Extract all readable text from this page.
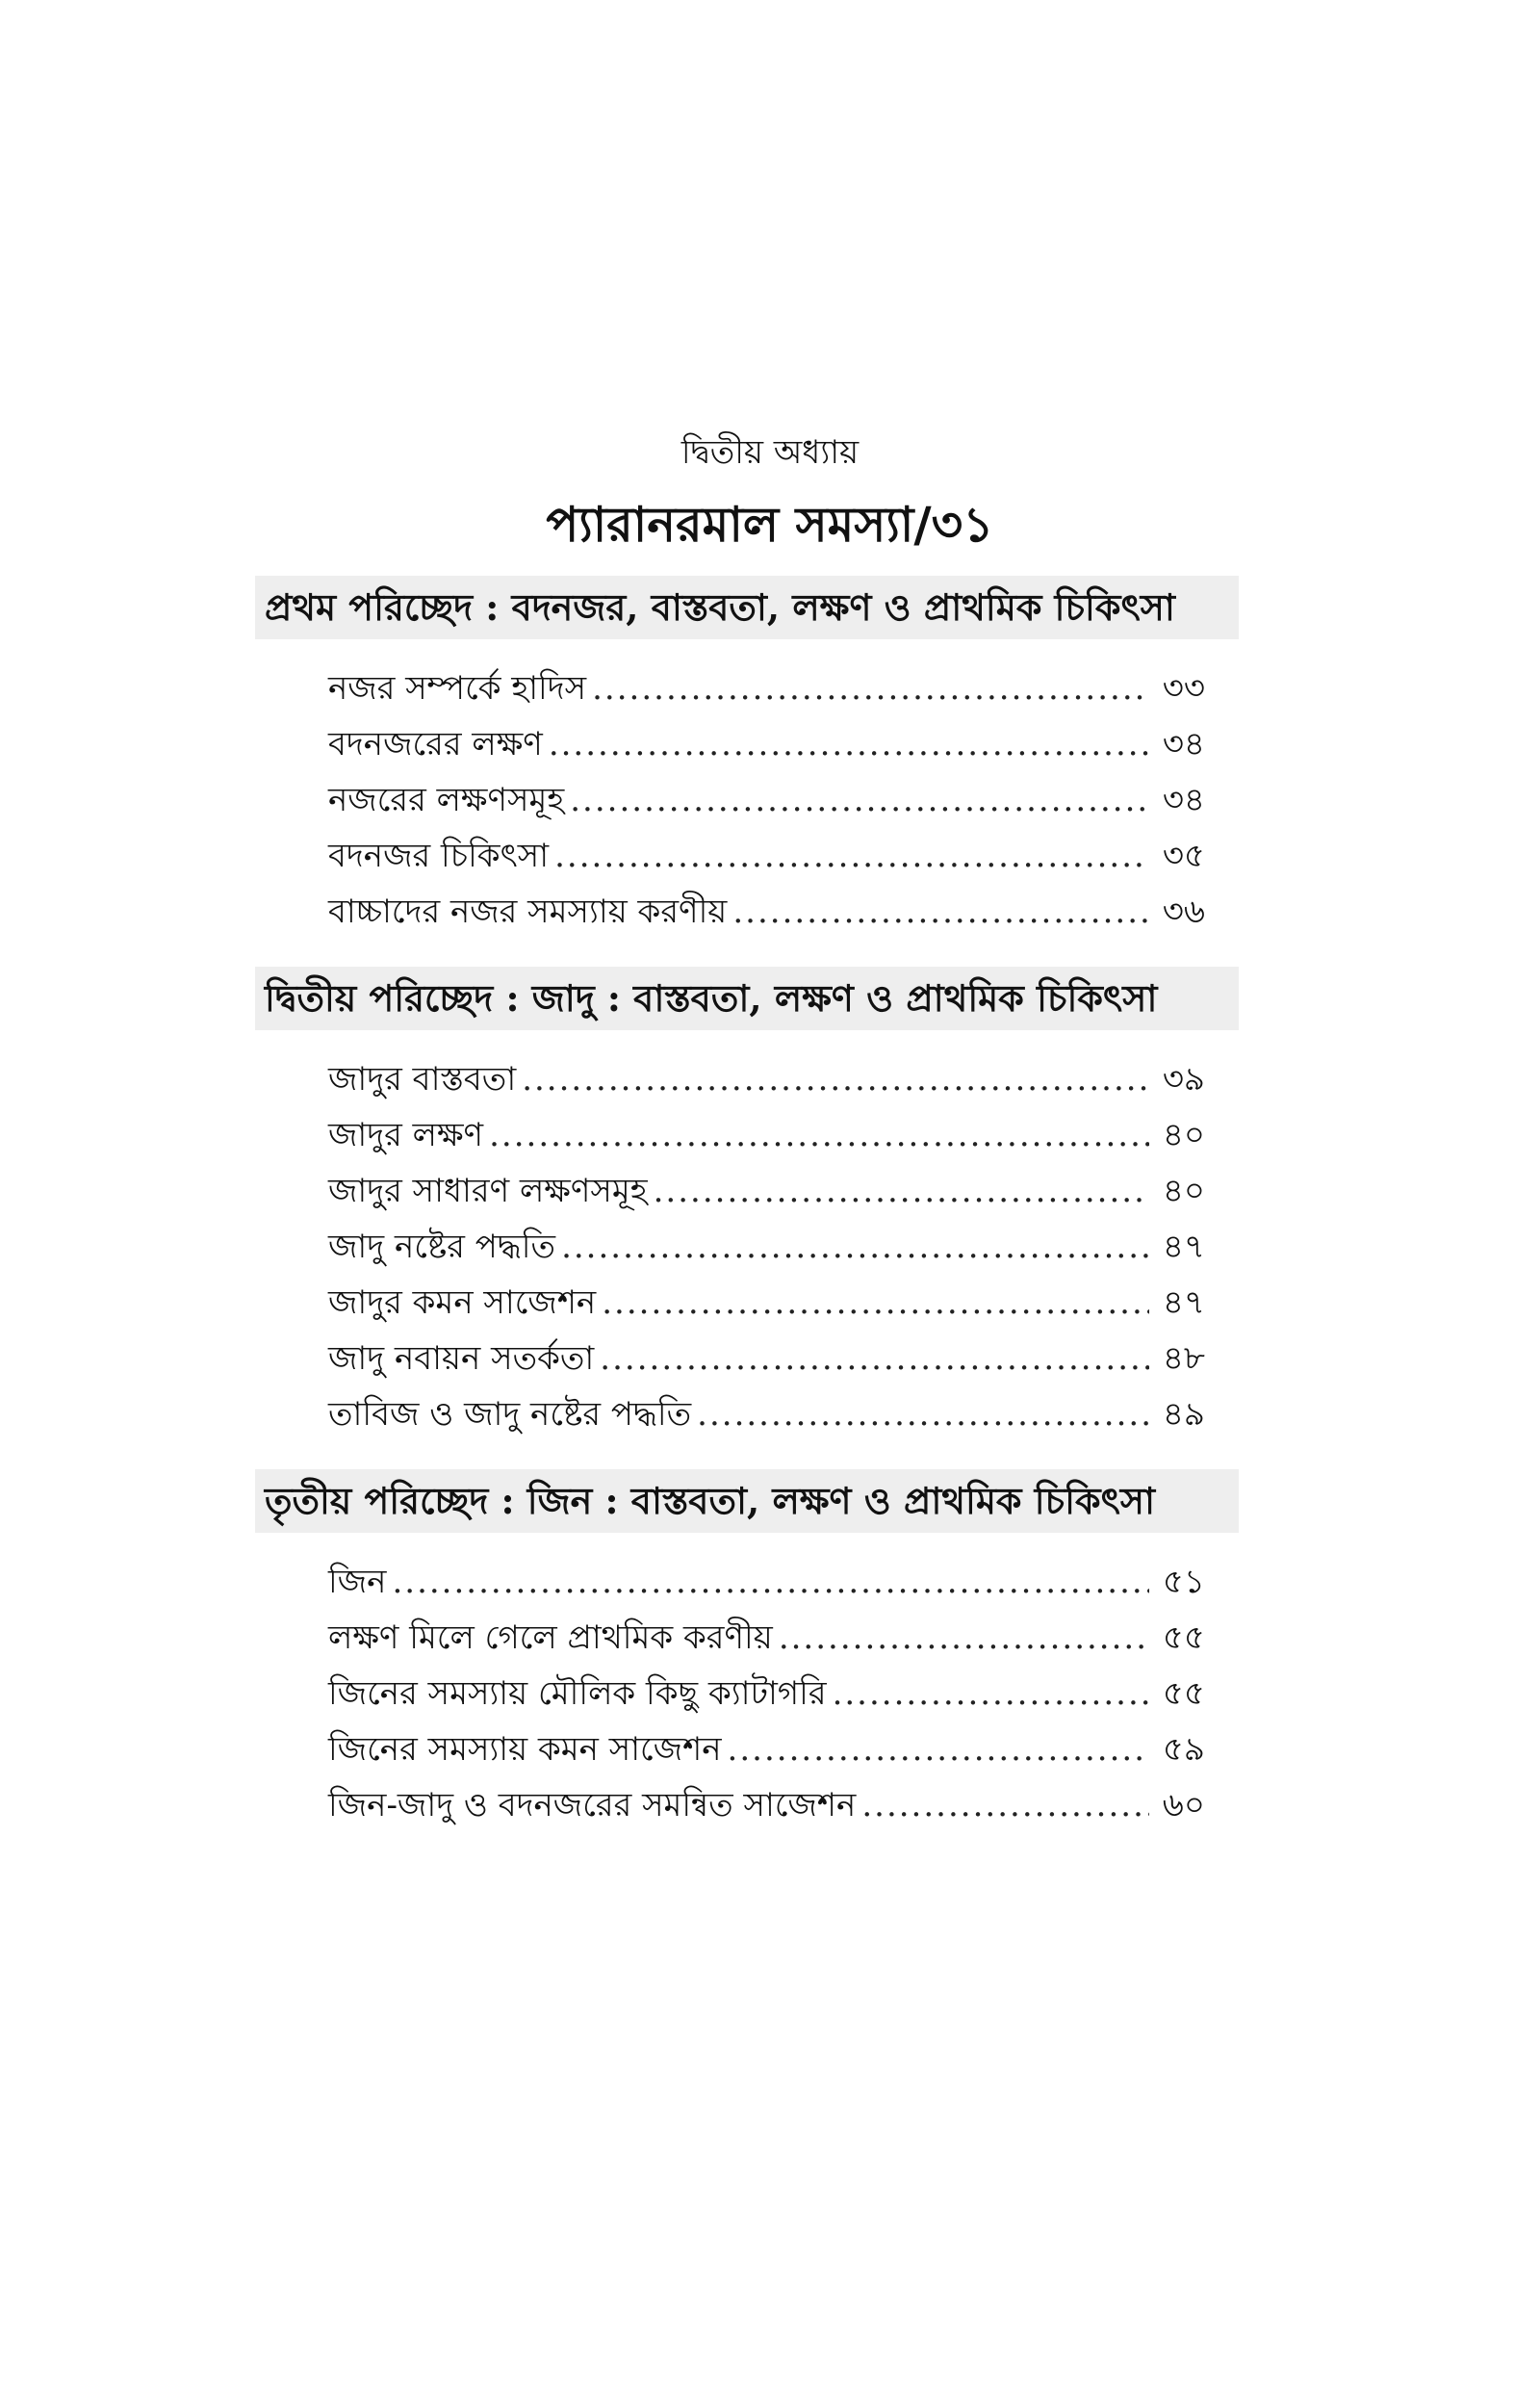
দ্বিতীয় অধ্যায়
প্যারানরমাল সমস্যা/৩১
প্রথম পরিচ্ছেদ : বদনজর, বাস্তবতা, লক্ষণ ও প্রাথমিক চিকিৎসা
নজর সম্পর্কে হাদিস .....	৩৩
বদনজরের লক্ষণ .....	৩৪
নজরের লক্ষণসমূহ .....	৩৪
বদনজর চিকিৎসা .....	৩৫
বাচ্চাদের নজর সমস্যায় করণীয় .....	৩৬
দ্বিতীয় পরিচ্ছেদ : জাদু : বাস্তবতা, লক্ষণ ও প্রাথমিক চিকিৎসা
জাদুর বাস্তবতা .....	৩৯
জাদুর লক্ষণ .....	৪০
জাদুর সাধারণ লক্ষণসমূহ .....	৪০
জাদু নষ্টের পদ্ধতি .....	৪৭
জাদুর কমন সাজেশন .....	৪৭
জাদু নবায়ন সতর্কতা .....	৪৮
তাবিজ ও জাদু নষ্টের পদ্ধতি .....	৪৯
তৃতীয় পরিচ্ছেদ : জিন : বাস্তবতা, লক্ষণ ও প্রাথমিক চিকিৎসা
জিন .....	৫১
লক্ষণ মিলে গেলে প্রাথমিক করণীয় .....	৫৫
জিনের সমস্যায় মৌলিক কিছু ক্যাটাগরি .....	৫৫
জিনের সমস্যায় কমন সাজেশন .....	৫৯
জিন-জাদু ও বদনজরের সমন্বিত সাজেশন .....	৬০
